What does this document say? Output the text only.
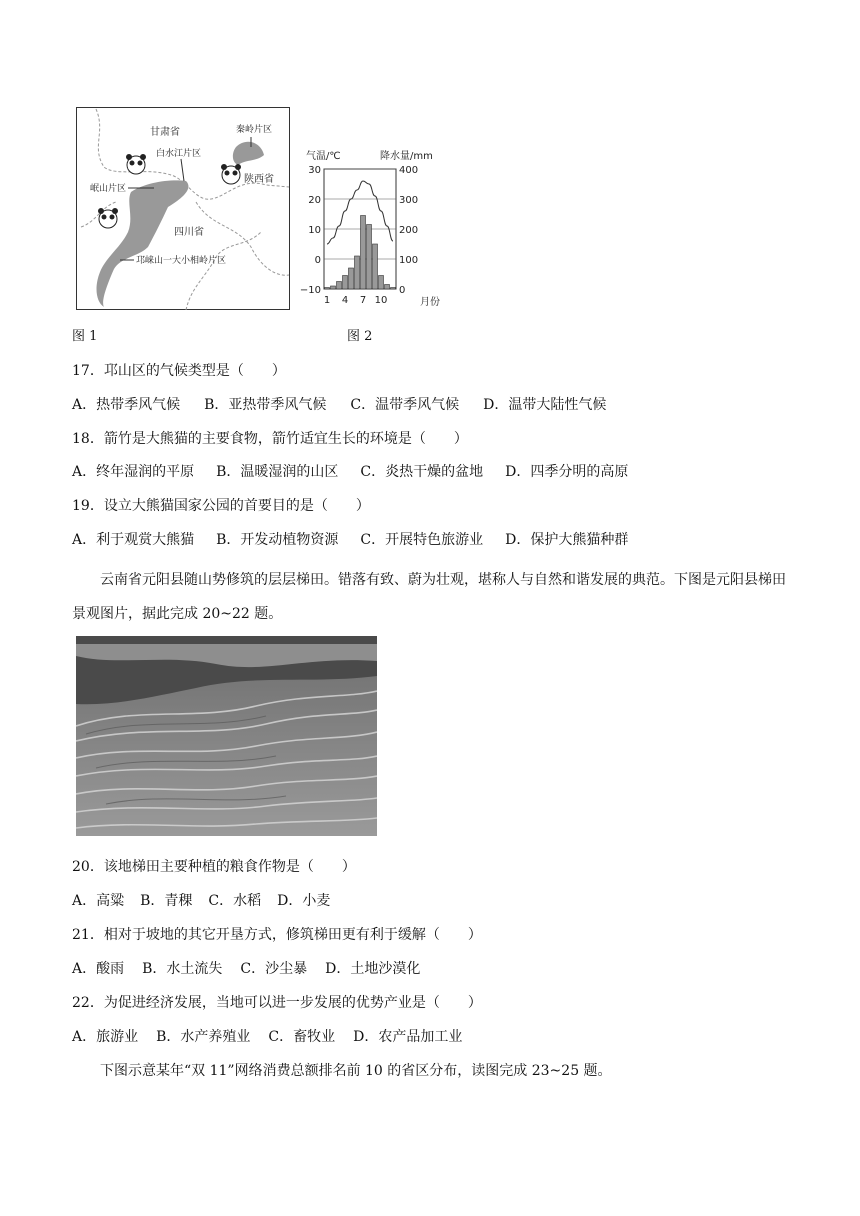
甘肃省	秦岭片区
白水江片区
陕西省
岷山片区
四川省
邛崃山一大小相岭片区
气温/℃	降水量/mm
30
20
10
0
−10
400
300
200
100
0
1 4 7 10	月份
图 1	图 2
17．邛山区的气候类型是（　　）
A．热带季风气候 B．亚热带季风气候 C．温带季风气候 D．温带大陆性气候
18．箭竹是大熊猫的主要食物，箭竹适宜生长的环境是（　　）
A．终年湿润的平原 B．温暖湿润的山区 C．炎热干燥的盆地 D．四季分明的高原
19．设立大熊猫国家公园的首要目的是（　　）
A．利于观赏大熊猫 B．开发动植物资源 C．开展特色旅游业 D．保护大熊猫种群
云南省元阳县随山势修筑的层层梯田。错落有致、蔚为壮观，堪称人与自然和谐发展的典范。下图是元阳县梯田景观图片，据此完成 20~22 题。
20．该地梯田主要种植的粮食作物是（　　）
A．高粱 B．青稞 C．水稻 D．小麦
21．相对于坡地的其它开垦方式，修筑梯田更有利于缓解（　　）
A．酸雨 B．水土流失 C．沙尘暴 D．土地沙漠化
22．为促进经济发展，当地可以进一步发展的优势产业是（　　）
A．旅游业 B．水产养殖业 C．畜牧业 D．农产品加工业
下图示意某年“双 11”网络消费总额排名前 10 的省区分布，读图完成 23~25 题。
